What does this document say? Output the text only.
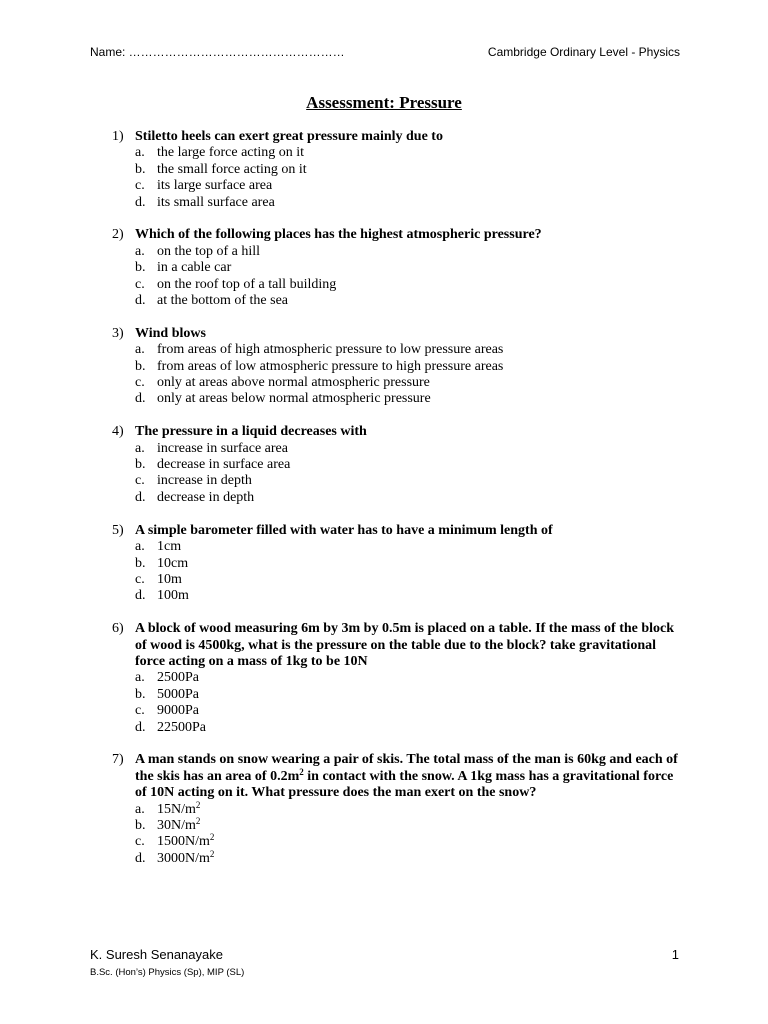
Name: ………………………………………………	Cambridge Ordinary Level - Physics
Assessment: Pressure
1) Stiletto heels can exert great pressure mainly due to
a. the large force acting on it
b. the small force acting on it
c. its large surface area
d. its small surface area
2) Which of the following places has the highest atmospheric pressure?
a. on the top of a hill
b. in a cable car
c. on the roof top of a tall building
d. at the bottom of the sea
3) Wind blows
a. from areas of high atmospheric pressure to low pressure areas
b. from areas of low atmospheric pressure to high pressure areas
c. only at areas above normal atmospheric pressure
d. only at areas below normal atmospheric pressure
4) The pressure in a liquid decreases with
a. increase in surface area
b. decrease in surface area
c. increase in depth
d. decrease in depth
5) A simple barometer filled with water has to have a minimum length of
a. 1cm
b. 10cm
c. 10m
d. 100m
6) A block of wood measuring 6m by 3m by 0.5m is placed on a table. If the mass of the block of wood is 4500kg, what is the pressure on the table due to the block? take gravitational force acting on a mass of 1kg to be 10N
a. 2500Pa
b. 5000Pa
c. 9000Pa
d. 22500Pa
7) A man stands on snow wearing a pair of skis. The total mass of the man is 60kg and each of the skis has an area of $0.2m^2$ in contact with the snow. A 1kg mass has a gravitational force of 10N acting on it. What pressure does the man exert on the snow?
a. $15N/m^2$
b. $30N/m^2$
c. $1500N/m^2$
d. $3000N/m^2$
K. Suresh Senanayake
B.Sc. (Hon’s) Physics (Sp), MIP (SL)
1
